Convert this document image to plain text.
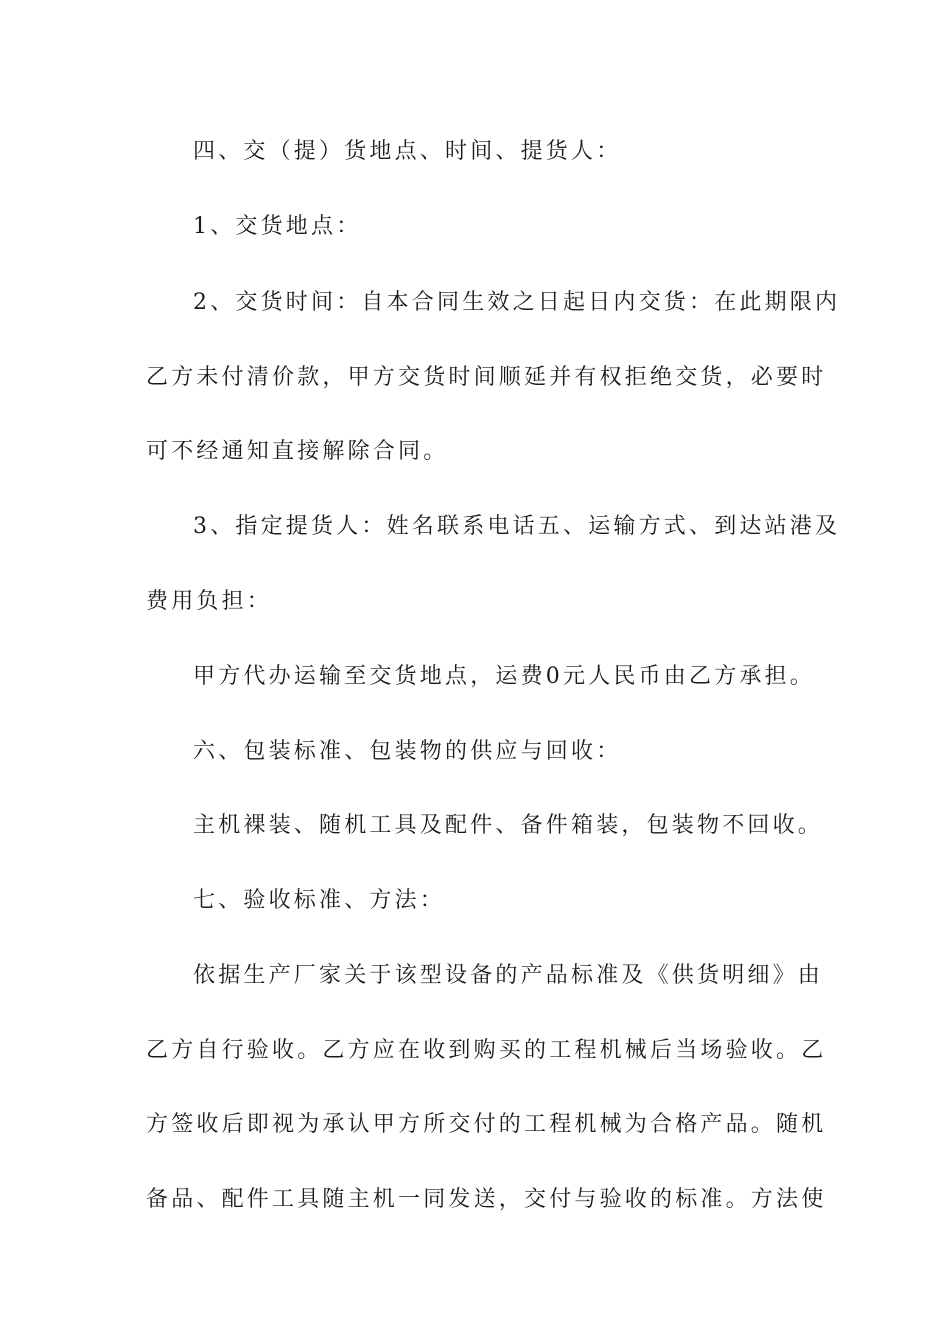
四、交（提）货地点、时间、提货人：
1、交货地点：
2、交货时间：自本合同生效之日起日内交货：在此期限内
乙方未付清价款，甲方交货时间顺延并有权拒绝交货，必要时
可不经通知直接解除合同。
3、指定提货人：姓名联系电话五、运输方式、到达站港及
费用负担：
甲方代办运输至交货地点，运费0元人民币由乙方承担。
六、包装标准、包装物的供应与回收：
主机裸装、随机工具及配件、备件箱装，包装物不回收。
七、验收标准、方法：
依据生产厂家关于该型设备的产品标准及《供货明细》由
乙方自行验收。乙方应在收到购买的工程机械后当场验收。乙
方签收后即视为承认甲方所交付的工程机械为合格产品。随机
备品、配件工具随主机一同发送，交付与验收的标准。方法使
